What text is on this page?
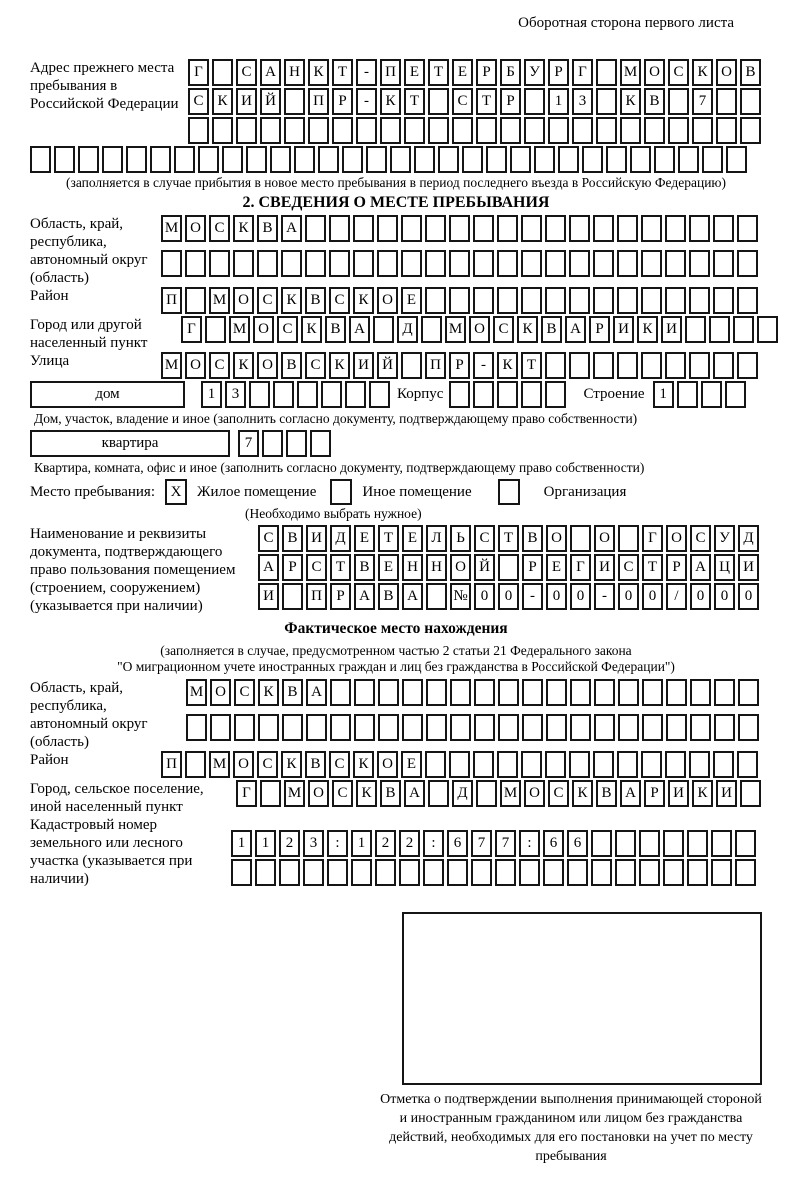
Оборотная сторона первого листа
Адрес прежнего места пребывания в Российской Федерации
Г	С А Н К Т - П Е Т Е Р Б У Р Г М О С К О В
С К И Й П Р - К Т	С Т Р	1 3	К В	7
(заполняется в случае прибытия в новое место пребывания в период последнего въезда в Российскую Федерацию)
2. СВЕДЕНИЯ О МЕСТЕ ПРЕБЫВАНИЯ
Область, край, республика, автономный округ (область)
М О С К В А
Район	П М О С К В С К О Е
Город или другой населенный пункт
Г М О С К В А Д М О С К В А Р И К И
Улица	М О С К О В С К И Й П Р - К Т
дом	1 3	Корпус	Строение 1
Дом, участок, владение и иное (заполнить согласно документу, подтверждающему право собственности)
квартира	7
Квартира, комната, офис и иное (заполнить согласно документу, подтверждающему право собственности)
Место пребывания:	X	Жилое помещение	Иное помещение	Организация
(Необходимо выбрать нужное)
Наименование и реквизиты документа, подтверждающего право пользования помещением (строением, сооружением) (указывается при наличии)
С В И Д Е Т Е Л Ь С Т В О О	Г О С У Д
А Р С Т В Е Н Н О Й	Р Е Г И С Т Р А Ц И
И П Р А В А № 0 0 - 0 0 - 0 0 / 0 0 0
Фактическое место нахождения
(заполняется в случае, предусмотренном частью 2 статьи 21 Федерального закона
"О миграционном учете иностранных граждан и лиц без гражданства в Российской Федерации")
Область, край, республика, автономный округ (область)
М О С К В А
Район	П М О С К В С К О Е
Город, сельское поселение, иной населенный пункт
Г М О С К В А Д М О С К В А Р И К И
Кадастровый номер земельного или лесного участка (указывается при наличии)
1 1 2 3 : 1 2 2 : 6 7 7 : 6 6
Отметка о подтверждении выполнения принимающей стороной и иностранным гражданином или лицом без гражданства действий, необходимых для его постановки на учет по месту пребывания
